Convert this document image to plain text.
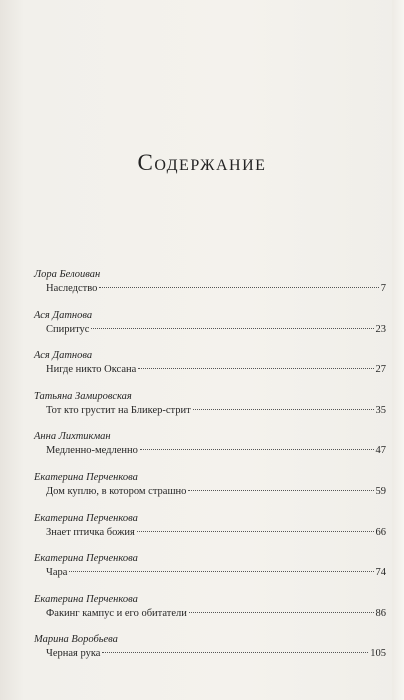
Содержание
Лора Белоиван
Наследство	7
Ася Датнова
Спиритус	23
Ася Датнова
Нигде никто Оксана	27
Татьяна Замировская
Тот кто грустит на Бликер-стрит	35
Анна Лихтикман
Медленно-медленно	47
Екатерина Перченкова
Дом куплю, в котором страшно	59
Екатерина Перченкова
Знает птичка божия	66
Екатерина Перченкова
Чара	74
Екатерина Перченкова
Факинг кампус и его обитатели	86
Марина Воробьева
Черная рука	105
